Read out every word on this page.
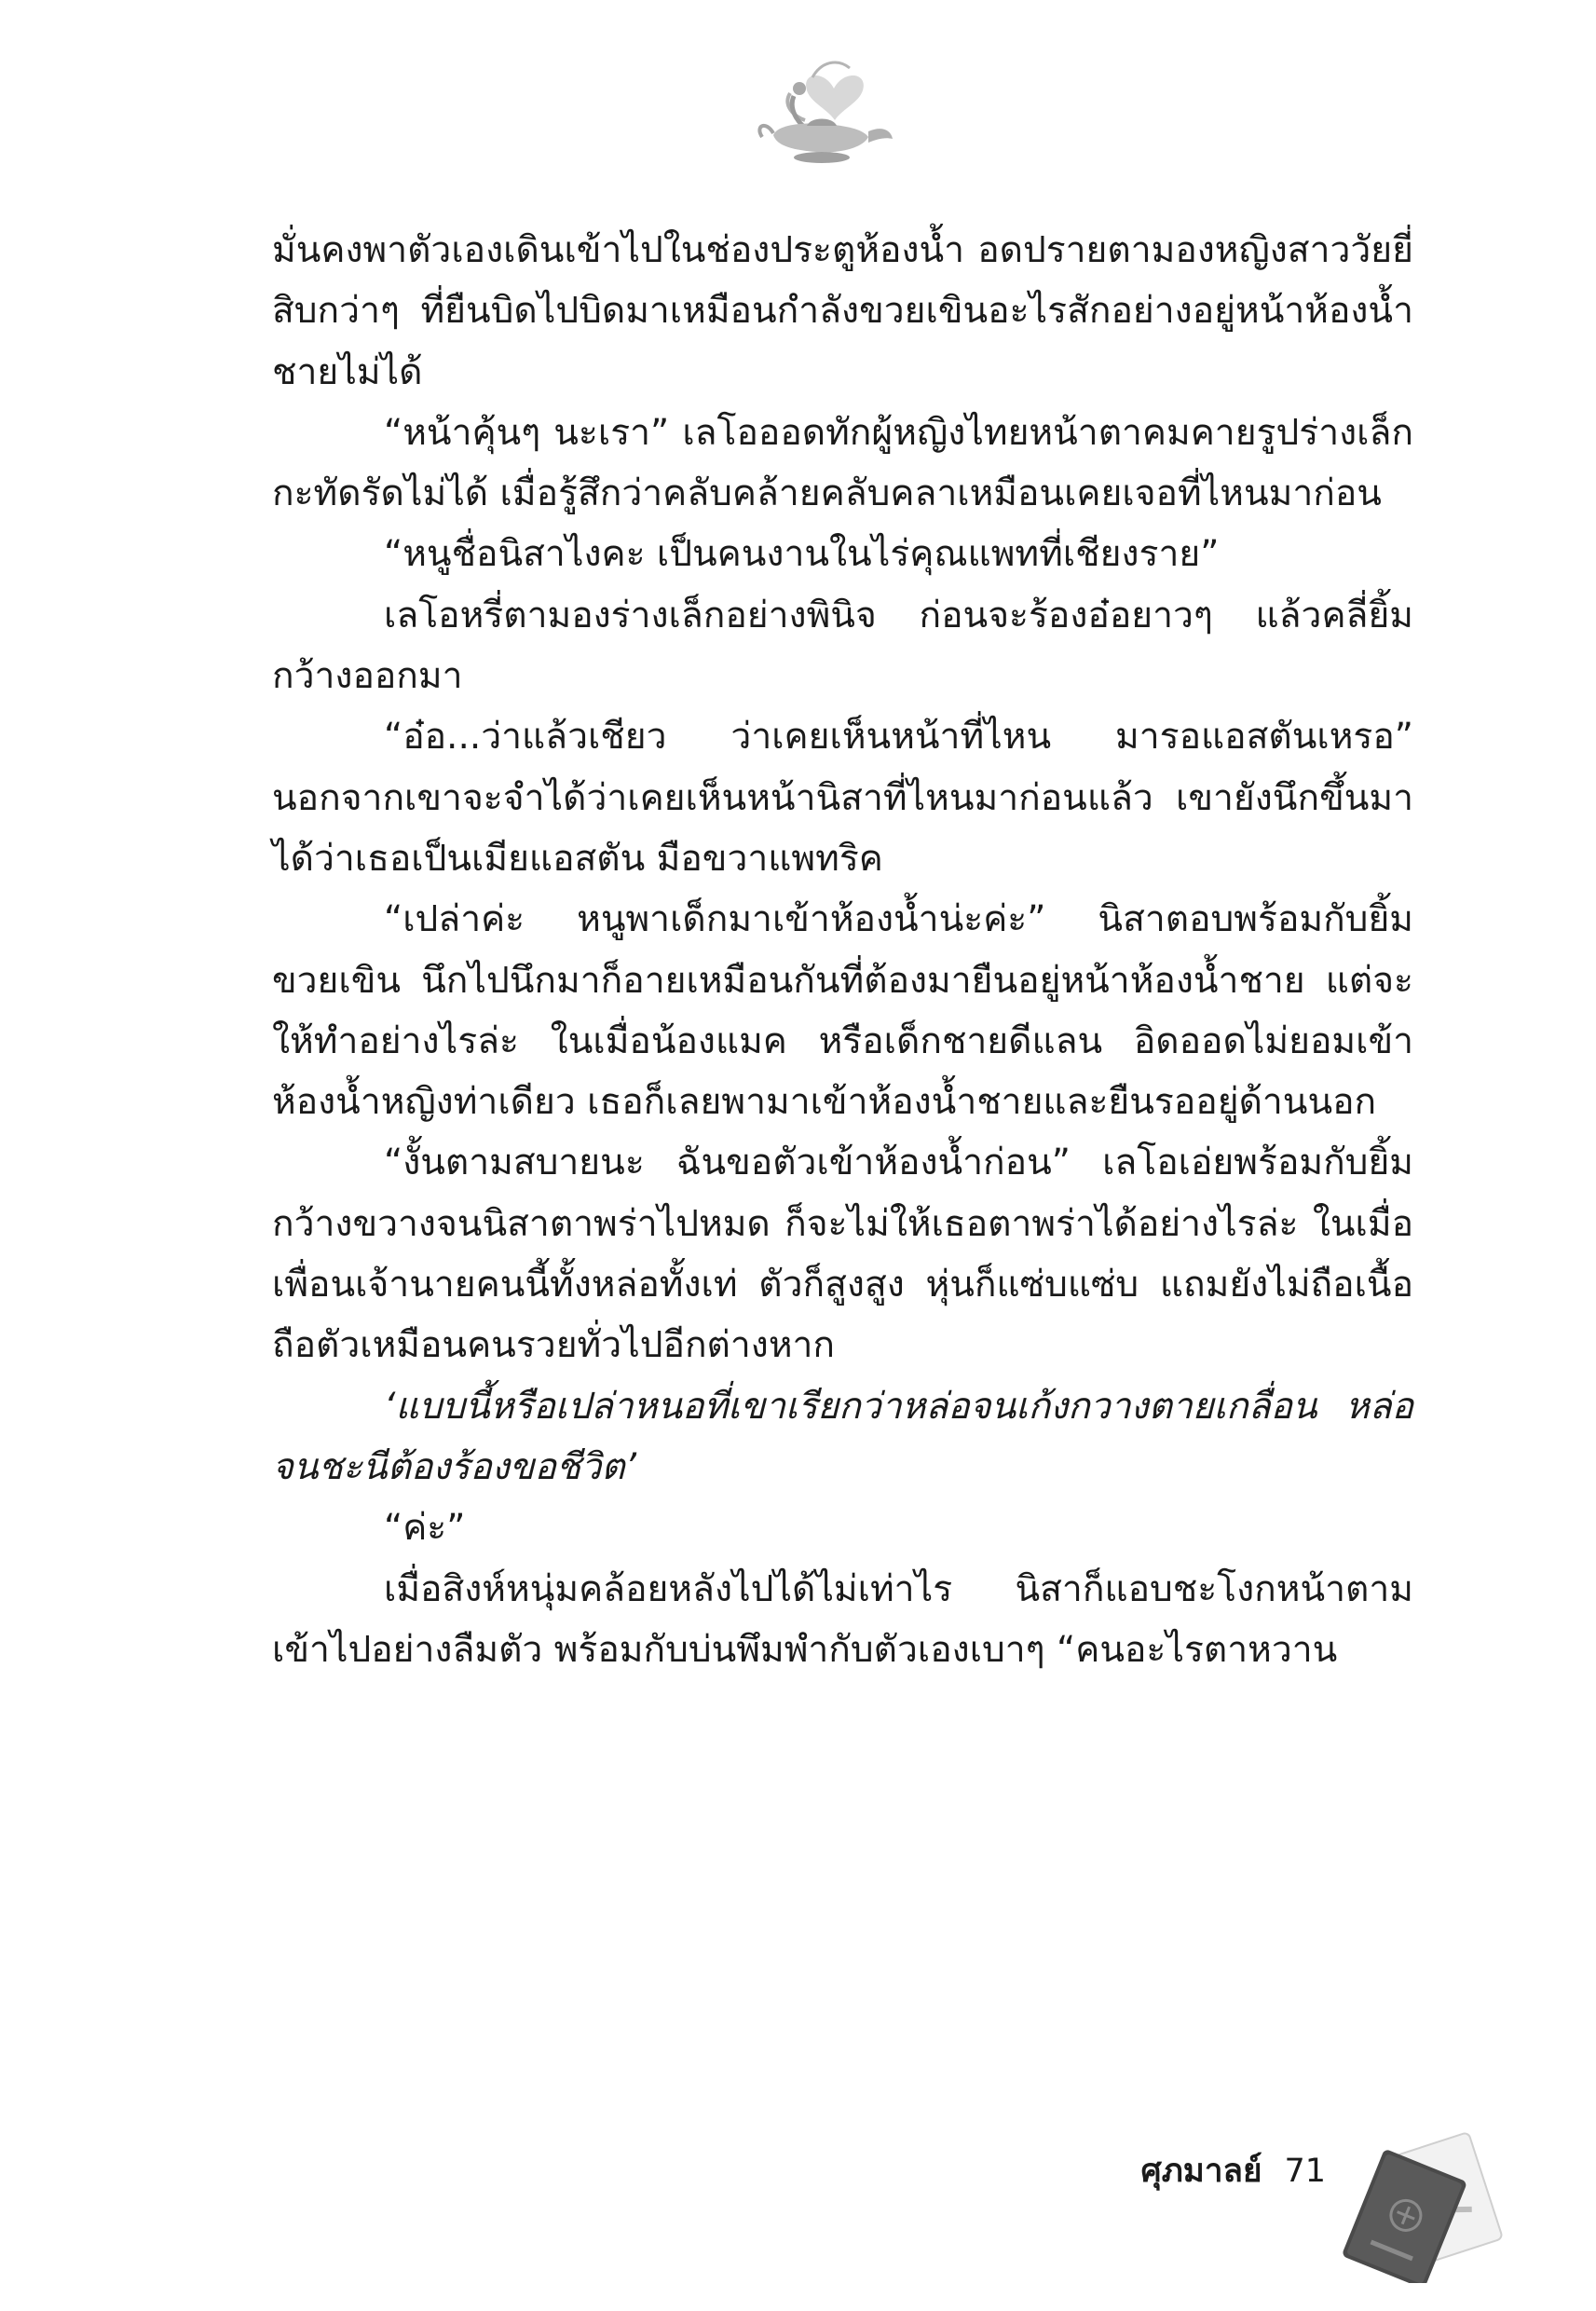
มั่นคงพาตัวเองเดินเข้าไปในช่องประตูห้องน้ำ อดปรายตามองหญิงสาววัยยี่สิบกว่าๆ ที่ยืนบิดไปบิดมาเหมือนกำลังขวยเขินอะไรสักอย่างอยู่หน้าห้องน้ำชายไม่ได้

“หน้าคุ้นๆ นะเรา” เลโอออดทักผู้หญิงไทยหน้าตาคมคายรูปร่างเล็กกะทัดรัดไม่ได้ เมื่อรู้สึกว่าคลับคล้ายคลับคลาเหมือนเคยเจอที่ไหนมาก่อน

“หนูชื่อนิสาไงคะ เป็นคนงานในไร่คุณแพทที่เชียงราย”

เลโอหรี่ตามองร่างเล็กอย่างพินิจ ก่อนจะร้องอ๋อยาวๆ แล้วคลี่ยิ้มกว้างออกมา

“อ๋อ...ว่าแล้วเชียว ว่าเคยเห็นหน้าที่ไหน มารอแอสตันเหรอ” นอกจากเขาจะจำได้ว่าเคยเห็นหน้านิสาที่ไหนมาก่อนแล้ว เขายังนึกขึ้นมาได้ว่าเธอเป็นเมียแอสตัน มือขวาแพทริค

“เปล่าค่ะ หนูพาเด็กมาเข้าห้องน้ำน่ะค่ะ” นิสาตอบพร้อมกับยิ้มขวยเขิน นึกไปนึกมาก็อายเหมือนกันที่ต้องมายืนอยู่หน้าห้องน้ำชาย แต่จะให้ทำอย่างไรล่ะ ในเมื่อน้องแมค หรือเด็กชายดีแลน อิดออดไม่ยอมเข้าห้องน้ำหญิงท่าเดียว เธอก็เลยพามาเข้าห้องน้ำชายและยืนรออยู่ด้านนอก

“งั้นตามสบายนะ ฉันขอตัวเข้าห้องน้ำก่อน” เลโอเอ่ยพร้อมกับยิ้มกว้างขวางจนนิสาตาพร่าไปหมด ก็จะไม่ให้เธอตาพร่าได้อย่างไรล่ะ ในเมื่อเพื่อนเจ้านายคนนี้ทั้งหล่อทั้งเท่ ตัวก็สูงสูง หุ่นก็แซ่บแซ่บ แถมยังไม่ถือเนื้อถือตัวเหมือนคนรวยทั่วไปอีกต่างหาก

‘แบบนี้หรือเปล่าหนอที่เขาเรียกว่าหล่อจนเก้งกวางตายเกลื่อน หล่อจนชะนีต้องร้องขอชีวิต’

“ค่ะ”

เมื่อสิงห์หนุ่มคล้อยหลังไปได้ไม่เท่าไร นิสาก็แอบชะโงกหน้าตามเข้าไปอย่างลืมตัว พร้อมกับบ่นพึมพำกับตัวเองเบาๆ “คนอะไรตาหวาน

ศุภมาลย์ 71
